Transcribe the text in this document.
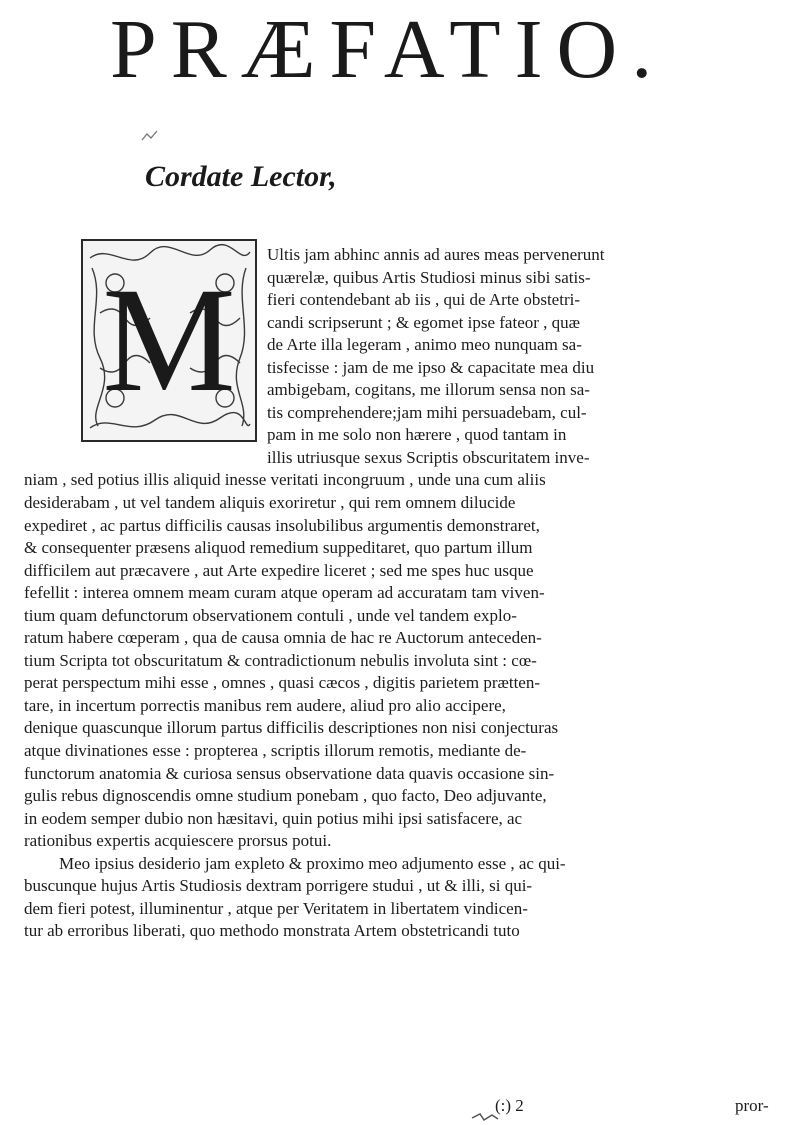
PRÆFATIO.
Cordate Lector,
M
Ultis jam abhinc annis ad aures meas pervenerunt
quærelæ, quibus Artis Studiosi minus sibi satis-
fieri contendebant ab iis , qui de Arte obstetri-
candi scripserunt ; & egomet ipse fateor , quæ
de Arte illa legeram , animo meo nunquam sa-
tisfecisse : jam de me ipso & capacitate mea diu
ambigebam, cogitans, me illorum sensa non sa-
tis comprehendere;jam mihi persuadebam, cul-
pam in me solo non hærere , quod tantam in
illis utriusque sexus Scriptis obscuritatem inve-
niam , sed potius illis aliquid inesse veritati incongruum , unde una cum aliis
desiderabam , ut vel tandem aliquis exoriretur , qui rem omnem dilucide
expediret , ac partus difficilis causas insolubilibus argumentis demonstraret,
& consequenter præsens aliquod remedium suppeditaret, quo partum illum
difficilem aut præcavere , aut Arte expedire liceret ; sed me spes huc usque
fefellit : interea omnem meam curam atque operam ad accuratam tam viven-
tium quam defunctorum observationem contuli , unde vel tandem explo-
ratum habere cœperam , qua de causa omnia de hac re Auctorum anteceden-
tium Scripta tot obscuritatum & contradictionum nebulis involuta sint : cœ-
perat perspectum mihi esse , omnes , quasi cæcos , digitis parietem prætten-
tare, in incertum porrectis manibus rem audere, aliud pro alio accipere,
denique quascunque illorum partus difficilis descriptiones non nisi conjecturas
atque divinationes esse : propterea , scriptis illorum remotis, mediante de-
functorum anatomia & curiosa sensus observatione data quavis occasione sin-
gulis rebus dignoscendis omne studium ponebam , quo facto, Deo adjuvante,
in eodem semper dubio non hæsitavi, quin potius mihi ipsi satisfacere, ac
rationibus expertis acquiescere prorsus potui.
Meo ipsius desiderio jam expleto & proximo meo adjumento esse , ac qui-
buscunque hujus Artis Studiosis dextram porrigere studui , ut & illi, si qui-
dem fieri potest, illuminentur , atque per Veritatem in libertatem vindicen-
tur ab erroribus liberati, quo methodo monstrata Artem obstetricandi tuto
(:) 2	pror-
